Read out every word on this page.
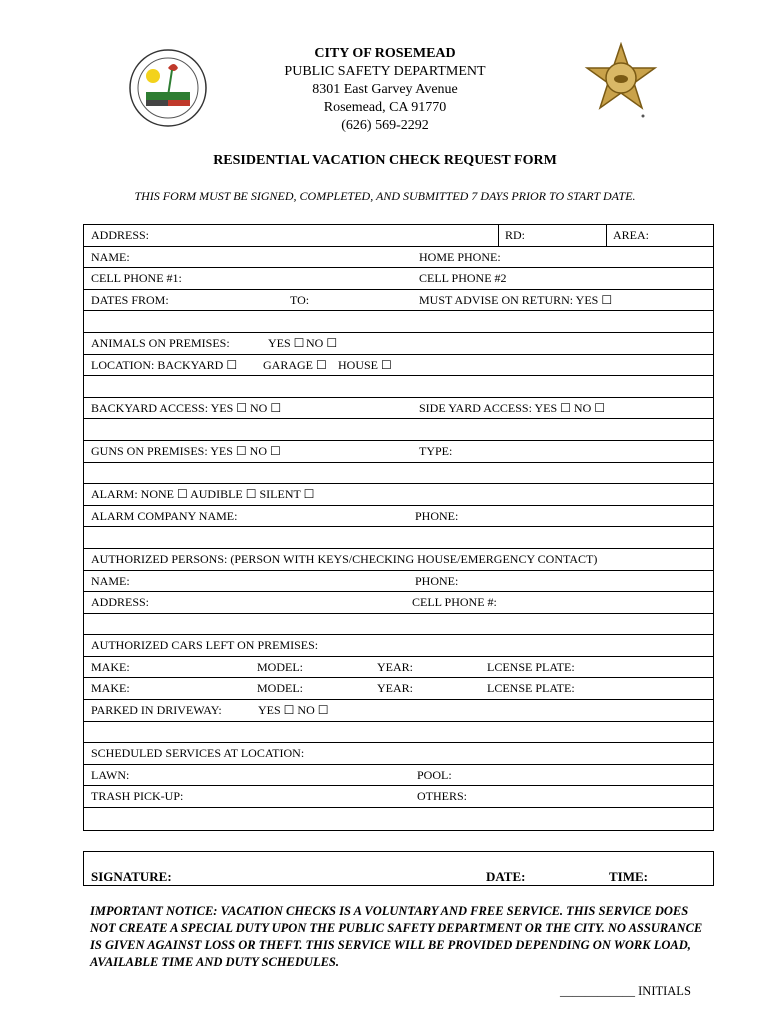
CITY OF ROSEMEAD
PUBLIC SAFETY DEPARTMENT
8301 East Garvey Avenue
Rosemead, CA 91770
(626) 569-2292
RESIDENTIAL VACATION CHECK REQUEST FORM
THIS FORM MUST BE SIGNED, COMPLETED, AND SUBMITTED 7 DAYS PRIOR TO START DATE.
ADDRESS:	RD:	AREA:
NAME:	HOME PHONE:
CELL PHONE #1:	CELL PHONE #2
DATES FROM:	TO:	MUST ADVISE ON RETURN: YES ☐
ANIMALS ON PREMISES:	YES ☐ NO ☐
LOCATION: BACKYARD ☐ GARAGE ☐ HOUSE ☐
BACKYARD ACCESS: YES ☐ NO ☐	SIDE YARD ACCESS: YES ☐ NO ☐
GUNS ON PREMISES: YES ☐ NO ☐	TYPE:
ALARM: NONE ☐ AUDIBLE ☐ SILENT ☐
ALARM COMPANY NAME:	PHONE:
AUTHORIZED PERSONS: (PERSON WITH KEYS/CHECKING HOUSE/EMERGENCY CONTACT)
NAME:	PHONE:
ADDRESS:	CELL PHONE #:
AUTHORIZED CARS LEFT ON PREMISES:
MAKE:	MODEL:	YEAR:	LCENSE PLATE:
MAKE:	MODEL:	YEAR:	LCENSE PLATE:
PARKED IN DRIVEWAY:	YES ☐ NO ☐
SCHEDULED SERVICES AT LOCATION:
LAWN:	POOL:
TRASH PICK-UP:	OTHERS:
SIGNATURE:	DATE:	TIME:
IMPORTANT NOTICE: VACATION CHECKS IS A VOLUNTARY AND FREE SERVICE. THIS SERVICE DOES NOT CREATE A SPECIAL DUTY UPON THE PUBLIC SAFETY DEPARTMENT OR THE CITY. NO ASSURANCE IS GIVEN AGAINST LOSS OR THEFT. THIS SERVICE WILL BE PROVIDED DEPENDING ON WORK LOAD, AVAILABLE TIME AND DUTY SCHEDULES.
____________ INITIALS
